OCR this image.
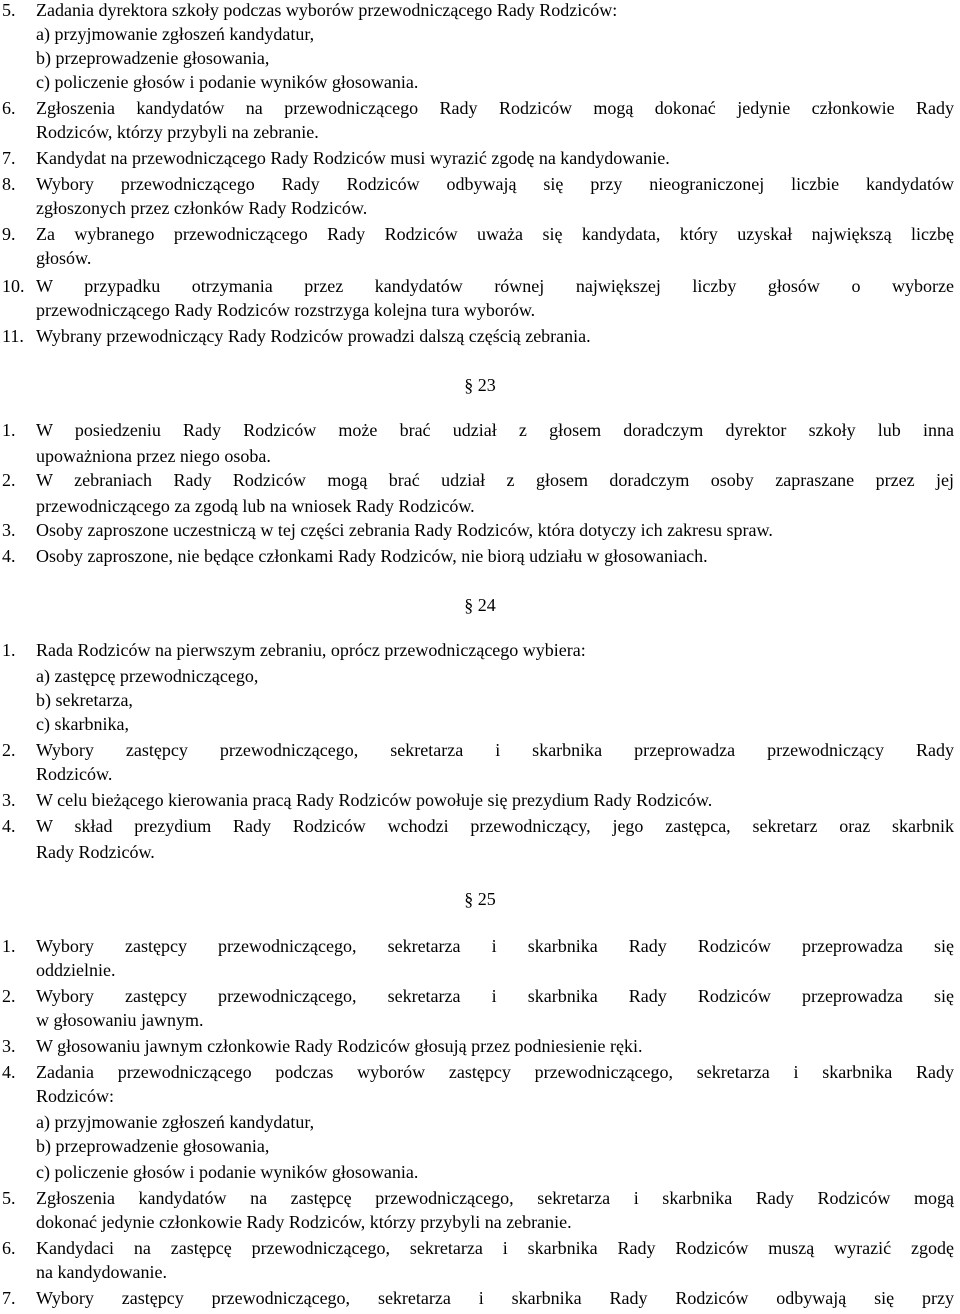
5. Zadania dyrektora szkoły podczas wyborów przewodniczącego Rady Rodziców:
a) przyjmowanie zgłoszeń kandydatur,
b) przeprowadzenie głosowania,
c) policzenie głosów i podanie wyników głosowania.
6. Zgłoszenia kandydatów na przewodniczącego Rady Rodziców mogą dokonać jedynie członkowie Rady
Rodziców, którzy przybyli na zebranie.
7. Kandydat na przewodniczącego Rady Rodziców musi wyrazić zgodę na kandydowanie.
8. Wybory przewodniczącego Rady Rodziców odbywają się przy nieograniczonej liczbie kandydatów
zgłoszonych przez członków Rady Rodziców.
9. Za wybranego przewodniczącego Rady Rodziców uważa się kandydata, który uzyskał największą liczbę
głosów.
10. W przypadku otrzymania przez kandydatów równej największej liczby głosów o wyborze
przewodniczącego Rady Rodziców rozstrzyga kolejna tura wyborów.
11. Wybrany przewodniczący Rady Rodziców prowadzi dalszą częścią zebrania.
1. W posiedzeniu Rady Rodziców może brać udział z głosem doradczym dyrektor szkoły lub inna
upoważniona przez niego osoba.
2. W zebraniach Rady Rodziców mogą brać udział z głosem doradczym osoby zapraszane przez jej
przewodniczącego za zgodą lub na wniosek Rady Rodziców.
3. Osoby zaproszone uczestniczą w tej części zebrania Rady Rodziców, która dotyczy ich zakresu spraw.
4. Osoby zaproszone, nie będące członkami Rady Rodziców, nie biorą udziału w głosowaniach.
1. Rada Rodziców na pierwszym zebraniu, oprócz przewodniczącego wybiera:
a) zastępcę przewodniczącego,
b) sekretarza,
c) skarbnika,
2. Wybory zastępcy przewodniczącego, sekretarza i skarbnika przeprowadza przewodniczący Rady
Rodziców.
3. W celu bieżącego kierowania pracą Rady Rodziców powołuje się prezydium Rady Rodziców.
4. W skład prezydium Rady Rodziców wchodzi przewodniczący, jego zastępca, sekretarz oraz skarbnik
Rady Rodziców.
1. Wybory zastępcy przewodniczącego, sekretarza i skarbnika Rady Rodziców przeprowadza się
oddzielnie.
2. Wybory zastępcy przewodniczącego, sekretarza i skarbnika Rady Rodziców przeprowadza się
w głosowaniu jawnym.
3. W głosowaniu jawnym członkowie Rady Rodziców głosują przez podniesienie ręki.
4. Zadania przewodniczącego podczas wyborów zastępcy przewodniczącego, sekretarza i skarbnika Rady
Rodziców:
a) przyjmowanie zgłoszeń kandydatur,
b) przeprowadzenie głosowania,
c) policzenie głosów i podanie wyników głosowania.
5. Zgłoszenia kandydatów na zastępcę przewodniczącego, sekretarza i skarbnika Rady Rodziców mogą
dokonać jedynie członkowie Rady Rodziców, którzy przybyli na zebranie.
6. Kandydaci na zastępcę przewodniczącego, sekretarza i skarbnika Rady Rodziców muszą wyrazić zgodę
na kandydowanie.
7. Wybory zastępcy przewodniczącego, sekretarza i skarbnika Rady Rodziców odbywają się przy
§ 23
§ 24
§ 25
